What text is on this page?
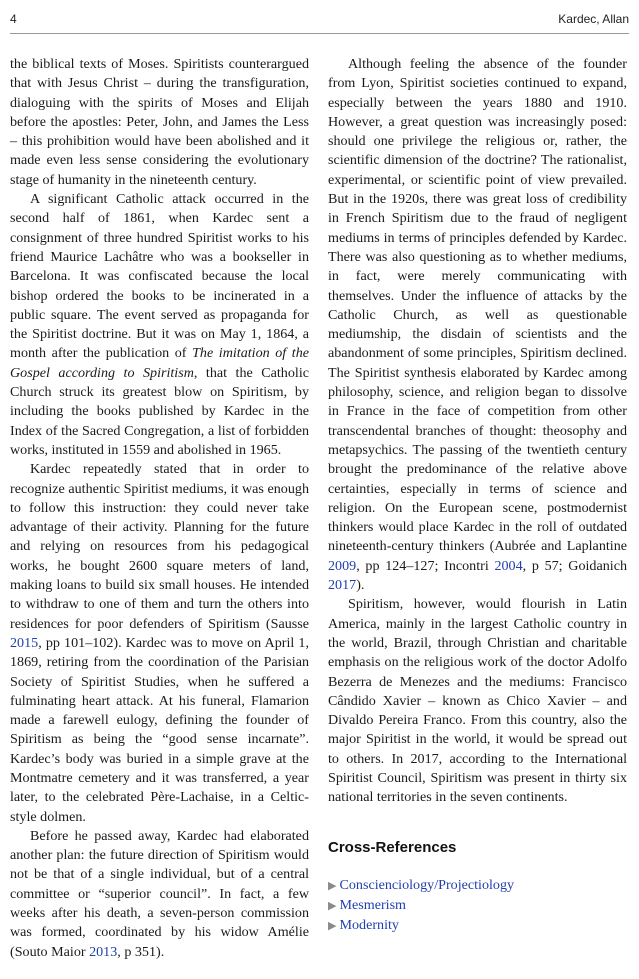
4	Kardec, Allan

the biblical texts of Moses. Spiritists counterargued that with Jesus Christ – during the transfiguration, dialoguing with the spirits of Moses and Elijah before the apostles: Peter, John, and James the Less – this prohibition would have been abolished and it made even less sense considering the evolutionary stage of humanity in the nineteenth century.

A significant Catholic attack occurred in the second half of 1861, when Kardec sent a consignment of three hundred Spiritist works to his friend Maurice Lachâtre who was a bookseller in Barcelona. It was confiscated because the local bishop ordered the books to be incinerated in a public square. The event served as propaganda for the Spiritist doctrine. But it was on May 1, 1864, a month after the publication of The imitation of the Gospel according to Spiritism, that the Catholic Church struck its greatest blow on Spiritism, by including the books published by Kardec in the Index of the Sacred Congregation, a list of forbidden works, instituted in 1559 and abolished in 1965.

Kardec repeatedly stated that in order to recognize authentic Spiritist mediums, it was enough to follow this instruction: they could never take advantage of their activity. Planning for the future and relying on resources from his pedagogical works, he bought 2600 square meters of land, making loans to build six small houses. He intended to withdraw to one of them and turn the others into residences for poor defenders of Spiritism (Sausse 2015, pp 101–102). Kardec was to move on April 1, 1869, retiring from the coordination of the Parisian Society of Spiritist Studies, when he suffered a fulminating heart attack. At his funeral, Flamarion made a farewell eulogy, defining the founder of Spiritism as being the “good sense incarnate”. Kardec’s body was buried in a simple grave at the Montmatre cemetery and it was transferred, a year later, to the celebrated Père-Lachaise, in a Celtic-style dolmen.

Before he passed away, Kardec had elaborated another plan: the future direction of Spiritism would not be that of a single individual, but of a central committee or “superior council”. In fact, a few weeks after his death, a seven-person commission was formed, coordinated by his widow Amélie (Souto Maior 2013, p 351).

Although feeling the absence of the founder from Lyon, Spiritist societies continued to expand, especially between the years 1880 and 1910. However, a great question was increasingly posed: should one privilege the religious or, rather, the scientific dimension of the doctrine? The rationalist, experimental, or scientific point of view prevailed. But in the 1920s, there was great loss of credibility in French Spiritism due to the fraud of negligent mediums in terms of principles defended by Kardec. There was also questioning as to whether mediums, in fact, were merely communicating with themselves. Under the influence of attacks by the Catholic Church, as well as questionable mediumship, the disdain of scientists and the abandonment of some principles, Spiritism declined. The Spiritist synthesis elaborated by Kardec among philosophy, science, and religion began to dissolve in France in the face of competition from other transcendental branches of thought: theosophy and metapsychics. The passing of the twentieth century brought the predominance of the relative above certainties, especially in terms of science and religion. On the European scene, postmodernist thinkers would place Kardec in the roll of outdated nineteenth-century thinkers (Aubrée and Laplantine 2009, pp 124–127; Incontri 2004, p 57; Goidanich 2017).

Spiritism, however, would flourish in Latin America, mainly in the largest Catholic country in the world, Brazil, through Christian and charitable emphasis on the religious work of the doctor Adolfo Bezerra de Menezes and the mediums: Francisco Cândido Xavier – known as Chico Xavier – and Divaldo Pereira Franco. From this country, also the major Spiritist in the world, it would be spread out to others. In 2017, according to the International Spiritist Council, Spiritism was present in thirty six national territories in the seven continents.

Cross-References
▶ Conscienciology/Projectiology
▶ Mesmerism
▶ Modernity
